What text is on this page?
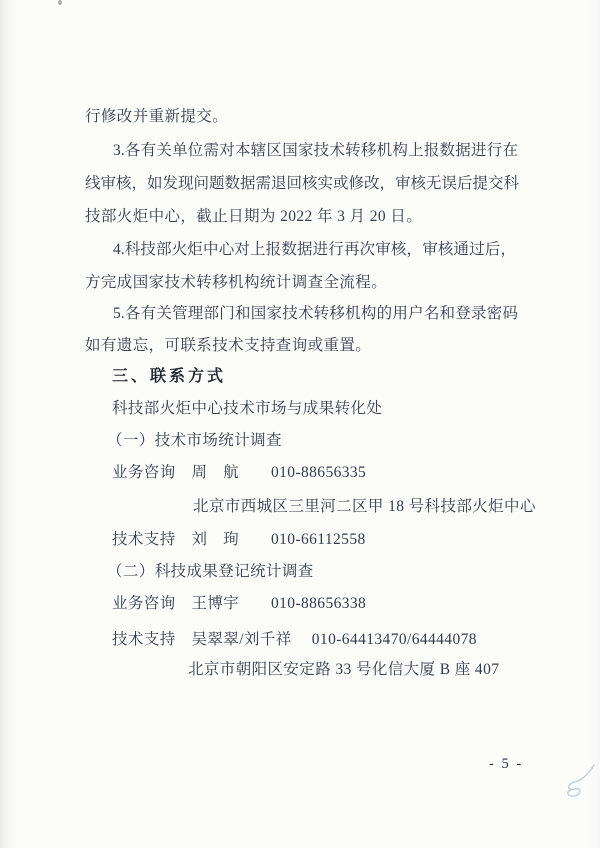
行修改并重新提交。
3.各有关单位需对本辖区国家技术转移机构上报数据进行在
线审核，如发现问题数据需退回核实或修改，审核无误后提交科
技部火炬中心，截止日期为 2022 年 3 月 20 日。
4.科技部火炬中心对上报数据进行再次审核，审核通过后，
方完成国家技术转移机构统计调查全流程。
5.各有关管理部门和国家技术转移机构的用户名和登录密码
如有遗忘，可联系技术支持查询或重置。
三、联系方式
科技部火炬中心技术市场与成果转化处
（一）技术市场统计调查
业务咨询　周　航　　010-88656335
北京市西城区三里河二区甲 18 号科技部火炬中心
技术支持　刘　珣　　010-66112558
（二）科技成果登记统计调查
业务咨询　王博宇　　010-88656338
技术支持　吴翠翠/刘千祥　 010-64413470/64444078
北京市朝阳区安定路 33 号化信大厦 B 座 407
- 5 -
